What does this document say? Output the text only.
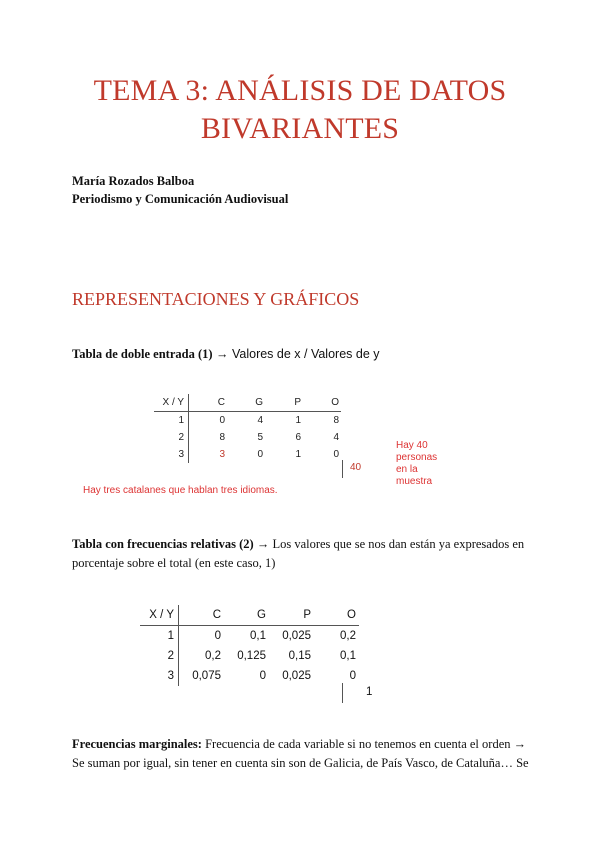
TEMA 3: ANÁLISIS DE DATOS
BIVARIANTES
María Rozados Balboa
Periodismo y Comunicación Audiovisual
REPRESENTACIONES Y GRÁFICOS
Tabla de doble entrada (1) → Valores de x / Valores de y
X / Y	C	G	P	O
1	0	4	1	8
2	8	5	6	4
3	3	0	1	0
40
Hay 40
personas
en la
muestra
Hay tres catalanes que hablan tres idiomas.
Tabla con frecuencias relativas (2) → Los valores que se nos dan están ya expresados en porcentaje sobre el total (en este caso, 1)
X / Y	C	G	P	O
1	0	0,1	0,025	0,2
2	0,2	0,125	0,15	0,1
3	0,075	0	0,025	0
1
Frecuencias marginales: Frecuencia de cada variable si no tenemos en cuenta el orden → Se suman por igual, sin tener en cuenta sin son de Galicia, de País Vasco, de Cataluña… Se
